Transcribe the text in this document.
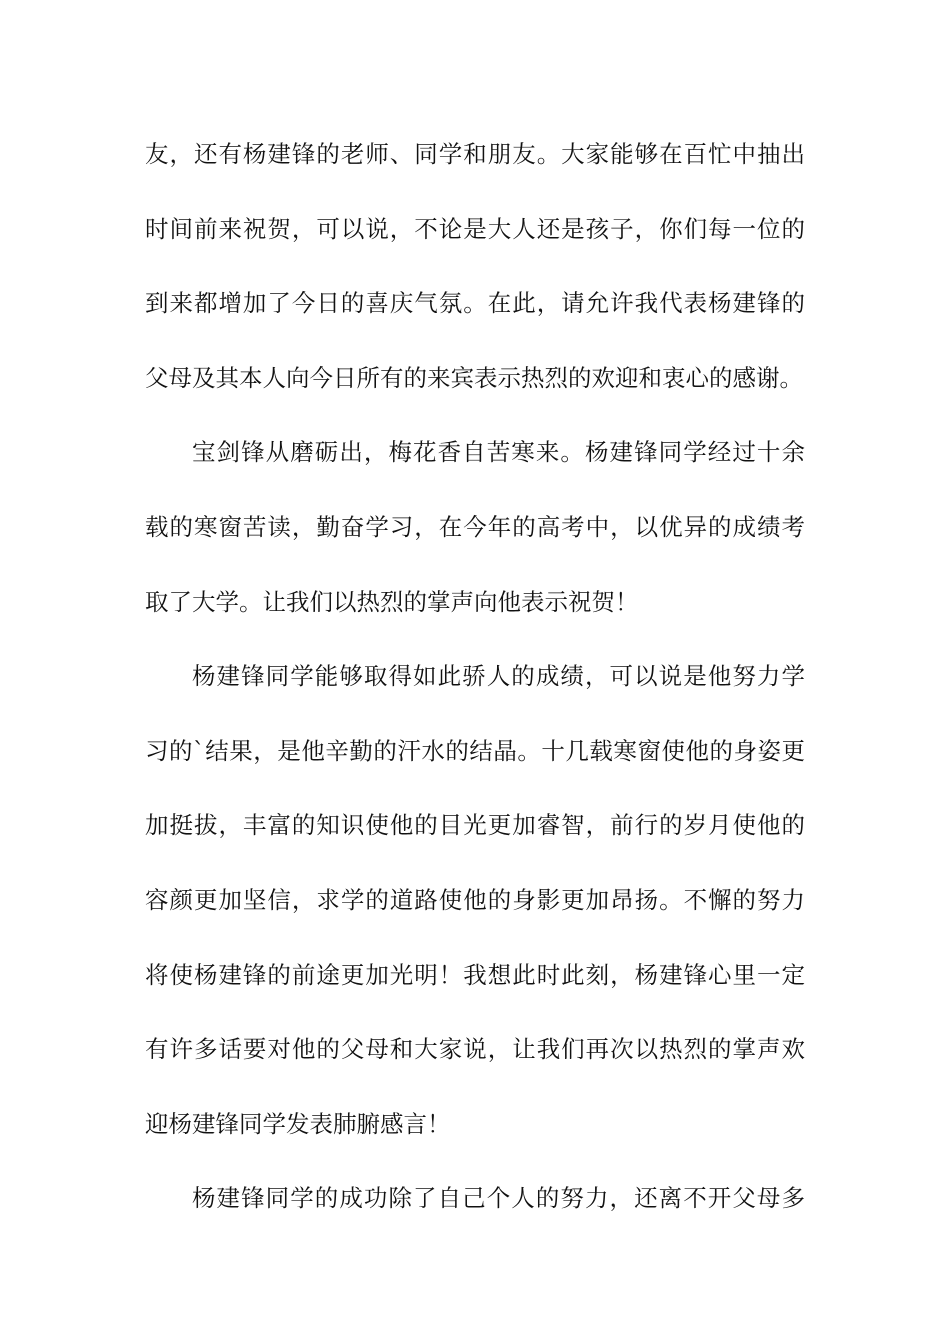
友，还有杨建锋的老师、同学和朋友。大家能够在百忙中抽出
时间前来祝贺，可以说，不论是大人还是孩子，你们每一位的
到来都增加了今日的喜庆气氛。在此，请允许我代表杨建锋的
父母及其本人向今日所有的来宾表示热烈的欢迎和衷心的感谢。
宝剑锋从磨砺出，梅花香自苦寒来。杨建锋同学经过十余
载的寒窗苦读，勤奋学习，在今年的高考中，以优异的成绩考
取了大学。让我们以热烈的掌声向他表示祝贺！
杨建锋同学能够取得如此骄人的成绩，可以说是他努力学
习的`结果，是他辛勤的汗水的结晶。十几载寒窗使他的身姿更
加挺拔，丰富的知识使他的目光更加睿智，前行的岁月使他的
容颜更加坚信，求学的道路使他的身影更加昂扬。不懈的努力
将使杨建锋的前途更加光明！我想此时此刻，杨建锋心里一定
有许多话要对他的父母和大家说，让我们再次以热烈的掌声欢
迎杨建锋同学发表肺腑感言！
杨建锋同学的成功除了自己个人的努力，还离不开父母多
